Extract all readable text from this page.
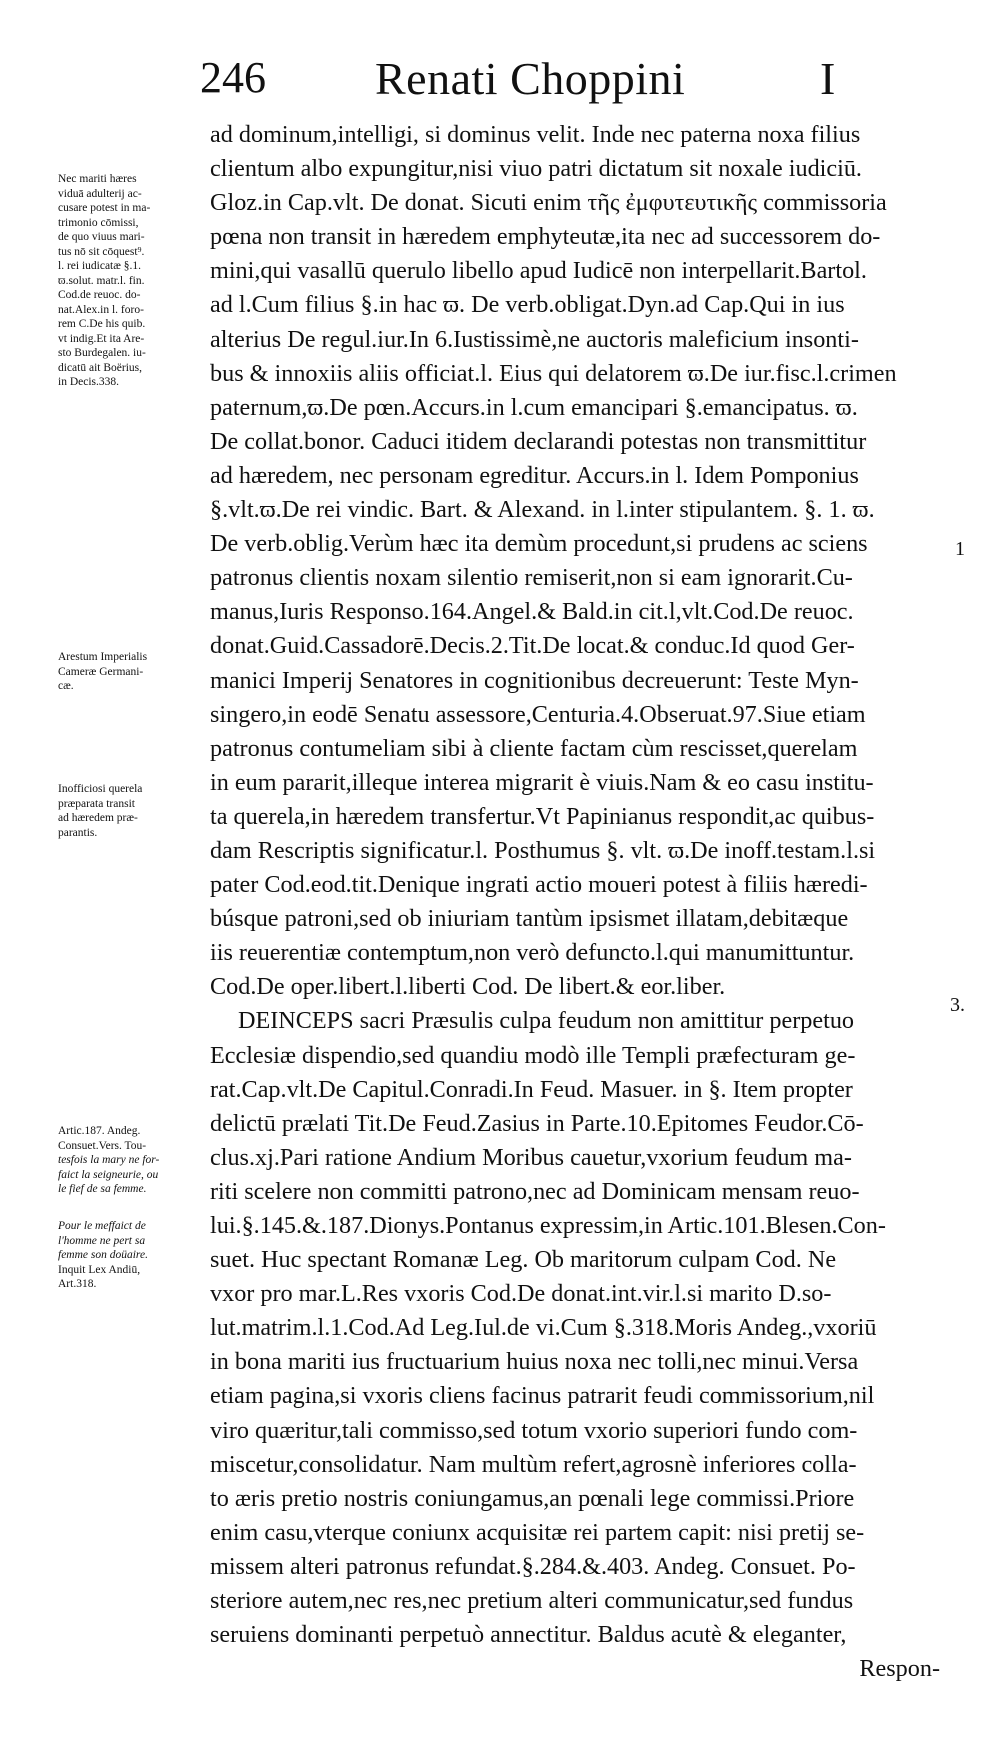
246 Renati Choppini	I
ad dominum,intelligi, si dominus velit. Inde nec paterna noxa filius
clientum albo expungitur,nisi viuo patri dictatum sit noxale iudiciū.
Gloz.in Cap.vlt. De donat. Sicuti enim τῆς ἐμφυτευτικῆς commissoria
pœna non transit in hæredem emphyteutæ,ita nec ad successorem do-
mini,qui vasallū querulo libello apud Iudicē non interpellarit.Bartol.
ad l.Cum filius §.in hac ϖ. De verb.obligat.Dyn.ad Cap.Qui in ius
alterius De regul.iur.In 6.Iustissimè,ne auctoris maleficium insonti-
bus & innoxiis aliis officiat.l. Eius qui delatorem ϖ.De iur.fisc.l.crimen
paternum,ϖ.De pœn.Accurs.in l.cum emancipari §.emancipatus. ϖ.
De collat.bonor. Caduci itidem declarandi potestas non transmittitur
ad hæredem, nec personam egreditur. Accurs.in l. Idem Pomponius
§.vlt.ϖ.De rei vindic. Bart. & Alexand. in l.inter stipulantem. §. 1. ϖ.
De verb.oblig.Verùm hæc ita demùm procedunt,si prudens ac sciens
patronus clientis noxam silentio remiserit,non si eam ignorarit.Cu-
manus,Iuris Responso.164.Angel.& Bald.in cit.l,vlt.Cod.De reuoc.
donat.Guid.Cassadorē.Decis.2.Tit.De locat.& conduc.Id quod Ger-
manici Imperij Senatores in cognitionibus decreuerunt: Teste Myn-
singero,in eodē Senatu assessore,Centuria.4.Obseruat.97.Siue etiam
patronus contumeliam sibi à cliente factam cùm rescisset,querelam
in eum pararit,illeque interea migrarit è viuis.Nam & eo casu institu-
ta querela,in hæredem transfertur.Vt Papinianus respondit,ac quibus-
dam Rescriptis significatur.l. Posthumus §. vlt. ϖ.De inoff.testam.l.si
pater Cod.eod.tit.Denique ingrati actio moueri potest à filiis hæredi-
búsque patroni,sed ob iniuriam tantùm ipsismet illatam,debitæque
iis reuerentiæ contemptum,non verò defuncto.l.qui manumittuntur.
Cod.De oper.libert.l.liberti Cod. De libert.& eor.liber.
DEINCEPS sacri Præsulis culpa feudum non amittitur perpetuo
Ecclesiæ dispendio,sed quandiu modò ille Templi præfecturam ge-
rat.Cap.vlt.De Capitul.Conradi.In Feud. Masuer. in §. Item propter
delictū prælati Tit.De Feud.Zasius in Parte.10.Epitomes Feudor.Cō-
clus.xj.Pari ratione Andium Moribus cauetur,vxorium feudum ma-
riti scelere non committi patrono,nec ad Dominicam mensam reuo-
lui.§.145.&.187.Dionys.Pontanus expressim,in Artic.101.Blesen.Con-
suet. Huc spectant Romanæ Leg. Ob maritorum culpam Cod. Ne
vxor pro mar.L.Res vxoris Cod.De donat.int.vir.l.si marito D.so-
lut.matrim.l.1.Cod.Ad Leg.Iul.de vi.Cum §.318.Moris Andeg.,vxoriū
in bona mariti ius fructuarium huius noxa nec tolli,nec minui.Versa
etiam pagina,si vxoris cliens facinus patrarit feudi commissorium,nil
viro quæritur,tali commisso,sed totum vxorio superiori fundo com-
miscetur,consolidatur. Nam multùm refert,agrosnè inferiores colla-
to æris pretio nostris coniungamus,an pœnali lege commissi.Priore
enim casu,vterque coniunx acquisitæ rei partem capit: nisi pretij se-
missem alteri patronus refundat.§.284.&.403. Andeg. Consuet. Po-
steriore autem,nec res,nec pretium alteri communicatur,sed fundus
seruiens dominanti perpetuò annectitur. Baldus acutè & eleganter,
Respon-
Nec mariti hæres
viduā adulterij ac-
cusare potest in ma-
trimonio cōmissi,
de quo viuus mari-
tus nō sit cōquest⁹.
l. rei iudicatæ §.1.
ϖ.solut. matr.l. fin.
Cod.de reuoc. do-
nat.Alex.in l. foro-
rem C.De his quib.
vt indig.Et ita Are-
sto Burdegalen. iu-
dicatū ait Boërius,
in Decis.338.
Arestum Imperialis
Cameræ Germani-
cæ.
Inofficiosi querela
præparata transit
ad hæredem præ-
parantis.
Artic.187. Andeg.
Consuet.Vers. Tou-
tesfois la mary ne for-
faict la seigneurie, ou
le fief de sa femme.
Pour le meffaict de
l'homme ne pert sa
femme son doüaire.
Inquit Lex Andiū,
Art.318.
1
3.
